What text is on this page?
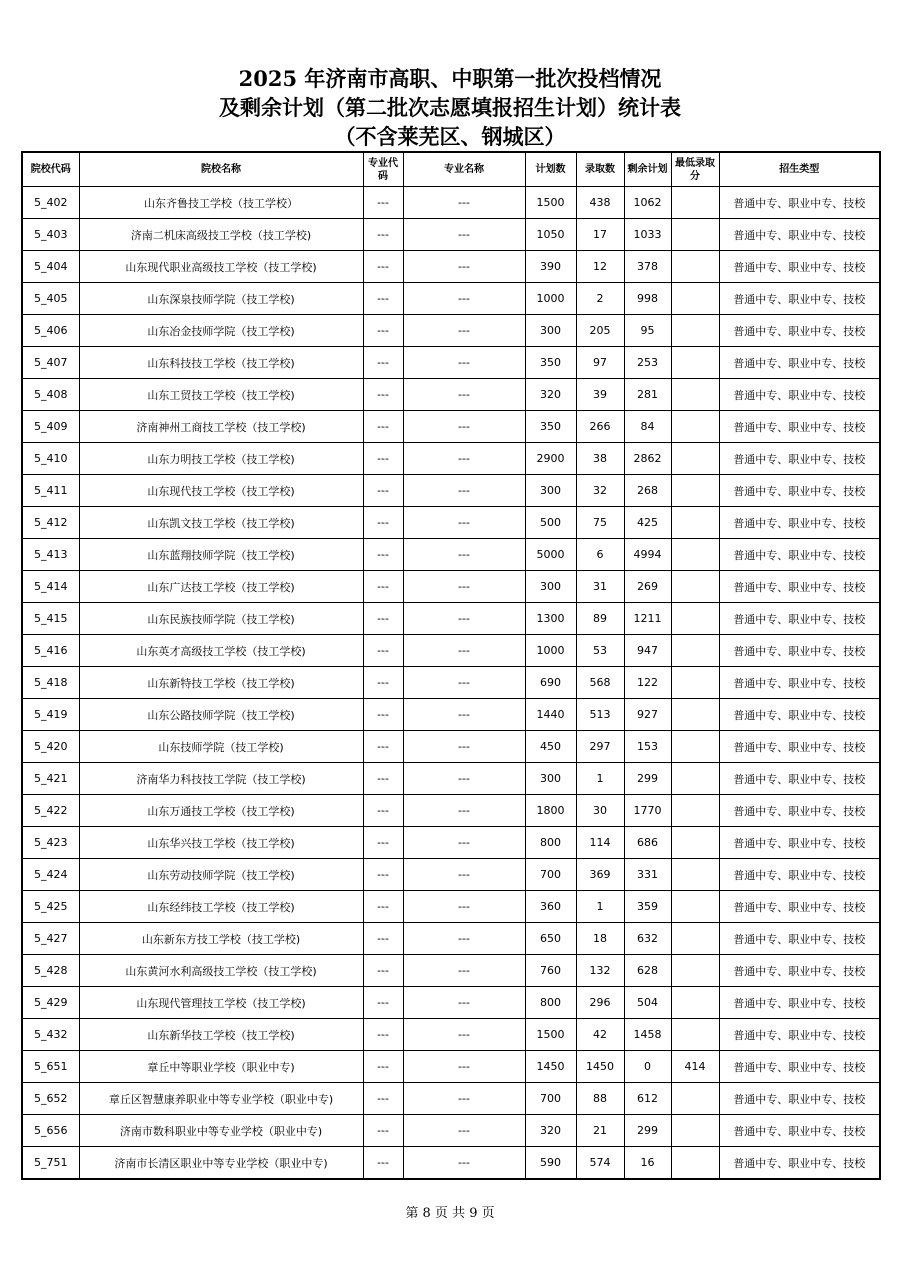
2025 年济南市高职、中职第一批次投档情况
及剩余计划（第二批次志愿填报招生计划）统计表
（不含莱芜区、钢城区）
院校代码	院校名称	专业代码	专业名称	计划数	录取数	剩余计划	最低录取分	招生类型
5_402	山东齐鲁技工学校（技工学校）	---	---	1500	438	1062		普通中专、职业中专、技校
5_403	济南二机床高级技工学校（技工学校)	---	---	1050	17	1033		普通中专、职业中专、技校
5_404	山东现代职业高级技工学校（技工学校)	---	---	390	12	378		普通中专、职业中专、技校
5_405	山东深泉技师学院（技工学校)	---	---	1000	2	998		普通中专、职业中专、技校
5_406	山东冶金技师学院（技工学校)	---	---	300	205	95		普通中专、职业中专、技校
5_407	山东科技技工学校（技工学校)	---	---	350	97	253		普通中专、职业中专、技校
5_408	山东工贸技工学校（技工学校)	---	---	320	39	281		普通中专、职业中专、技校
5_409	济南神州工商技工学校（技工学校)	---	---	350	266	84		普通中专、职业中专、技校
5_410	山东力明技工学校（技工学校)	---	---	2900	38	2862		普通中专、职业中专、技校
5_411	山东现代技工学校（技工学校)	---	---	300	32	268		普通中专、职业中专、技校
5_412	山东凯文技工学校（技工学校)	---	---	500	75	425		普通中专、职业中专、技校
5_413	山东蓝翔技师学院（技工学校)	---	---	5000	6	4994		普通中专、职业中专、技校
5_414	山东广达技工学校（技工学校)	---	---	300	31	269		普通中专、职业中专、技校
5_415	山东民族技师学院（技工学校)	---	---	1300	89	1211		普通中专、职业中专、技校
5_416	山东英才高级技工学校（技工学校)	---	---	1000	53	947		普通中专、职业中专、技校
5_418	山东新特技工学校（技工学校)	---	---	690	568	122		普通中专、职业中专、技校
5_419	山东公路技师学院（技工学校)	---	---	1440	513	927		普通中专、职业中专、技校
5_420	山东技师学院（技工学校)	---	---	450	297	153		普通中专、职业中专、技校
5_421	济南华力科技技工学院（技工学校)	---	---	300	1	299		普通中专、职业中专、技校
5_422	山东万通技工学校（技工学校)	---	---	1800	30	1770		普通中专、职业中专、技校
5_423	山东华兴技工学校（技工学校)	---	---	800	114	686		普通中专、职业中专、技校
5_424	山东劳动技师学院（技工学校)	---	---	700	369	331		普通中专、职业中专、技校
5_425	山东经纬技工学校（技工学校)	---	---	360	1	359		普通中专、职业中专、技校
5_427	山东新东方技工学校（技工学校)	---	---	650	18	632		普通中专、职业中专、技校
5_428	山东黄河水利高级技工学校（技工学校)	---	---	760	132	628		普通中专、职业中专、技校
5_429	山东现代管理技工学校（技工学校)	---	---	800	296	504		普通中专、职业中专、技校
5_432	山东新华技工学校（技工学校)	---	---	1500	42	1458		普通中专、职业中专、技校
5_651	章丘中等职业学校（职业中专)	---	---	1450	1450	0	414	普通中专、职业中专、技校
5_652	章丘区智慧康养职业中等专业学校（职业中专)	---	---	700	88	612		普通中专、职业中专、技校
5_656	济南市数科职业中等专业学校（职业中专)	---	---	320	21	299		普通中专、职业中专、技校
5_751	济南市长清区职业中等专业学校（职业中专)	---	---	590	574	16		普通中专、职业中专、技校
第 8 页 共 9 页
